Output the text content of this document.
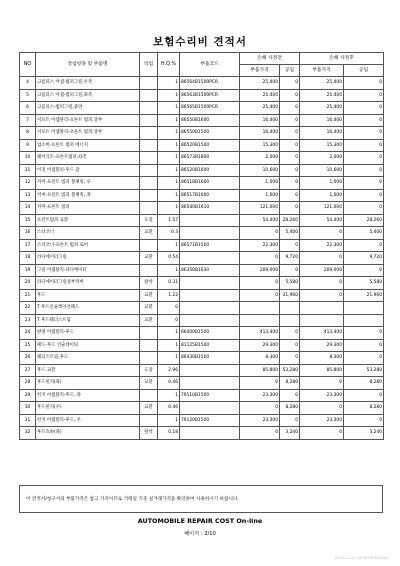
보험수리비 견적서
NO	작업항목 및 부품명	작업	H.Q.%	부품코드	손해 사정전		손해 사정후	
					부품가격	공임	부품가격	공임
4	크롬피스 어셈-범퍼그릴,우측		1	86564B1500PCR	25,400	0	25,400	0
5	크롬피스 어셈-범퍼그릴,좌측		1	86563B1500PCR	25,400	0	25,400	0
6	크롬피스-범퍼그릴,중앙		1	86565B1500PCR	25,400	0	25,400	0
7	서포트 어셈블리-프론트 범퍼,상부		1	86550B1600	16,400	0	16,400	0
8	서포트 어셈블리-프론트 범퍼,상부		1	86550B1500	16,400	0	16,400	0
9	업소버-프론트 범퍼 에너지		1	86520B1500	15,300	0	15,300	0
10	웨어식트-프론트범퍼,좌측		1	86573B1800	2,000	0	2,000	0
11	이징 어셈블리-후드 잠		1	86520B1600	10,600	0	10,600	0
12	커버-프런트 범퍼 블랭킹, 우		1	86518B1600	1,000	0	1,000	0
13	커버-프런트 범퍼 블랭킹, 좌		1	86517B1600	1,000	0	1,000	0
14	커버-프론트 범퍼		1	86540B1610	121,000	0	121,000	0
15	프런트범퍼 교환	도장	1.57		54,400	28,260	54,400	28,260
16	스티코너	교환	0.3		0	5,400	0	5,400
17	스티코너-프론트 범퍼 로어		1	86571B1500	22,300	0	22,300	0
18	라디에이터그릴	교환	0.54		0	9,720	0	9,720
19	그릴 어셈블리-라디에이터		1	86350B1630	209,000	0	209,000	0
20	라디에이터그릴상부커버	탈착	0.31		0	5,580	0	5,580
21	후드	교환	1.22		0	21,960	0	21,960
22	T 후드인슐레이션패드	교환	0					
23	T 후드웨더스트립	교환	0					
24	판넬 어셈블리-후드		1	66400B1500	413,400	0	413,400	0
25	패드-후드 인슐레이팅		1	81125B1500	29,300	0	29,300	0
26	웨더스트립-후드		1	86430B1500	8,300	0	8,300	0
27	후드 교환	도장	2.96		85,800	53,280	85,800	53,280
28	후드힌지(좌)	교환	0.46		0	8,280	0	8,280
29	힌지 어셈블리-후드, 좌		1	79110B1500	23,300	0	23,300	0
30	후드힌지(우)	교환	0.46		0	8,280	0	8,280
31	힌지 어셈블리-후드, 우		1	79120B1500	23,300	0	23,300	0
32	후드쇼바(좌)	탈착	0.18		0	3,240	0	3,240
이 견적서/청구서의 부품가격은 참고 가격이므로 거래일 기준 실거래가격을 확인하여 사용하시기 바랍니다.
AUTOMOBILE REPAIR COST On-line
페이지 : 2/10
2023-01-27 18:40:08 A02356
